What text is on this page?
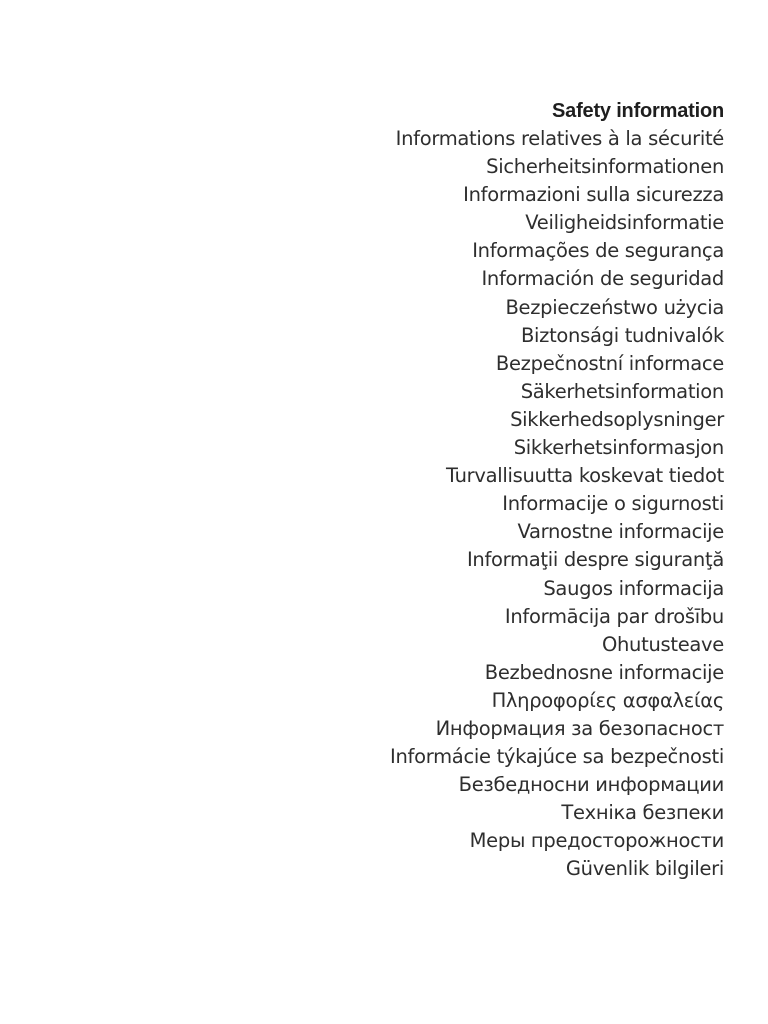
Safety information
Informations relatives à la sécurité
Sicherheitsinformationen
Informazioni sulla sicurezza
Veiligheidsinformatie
Informações de segurança
Información de seguridad
Bezpieczeństwo użycia
Biztonsági tudnivalók
Bezpečnostní informace
Säkerhetsinformation
Sikkerhedsoplysninger
Sikkerhetsinformasjon
Turvallisuutta koskevat tiedot
Informacije o sigurnosti
Varnostne informacije
Informaţii despre siguranţă
Saugos informacija
Informācija par drošību
Ohutusteave
Bezbednosne informacije
Πληροφορίες ασφαλείας
Информация за безопасност
Informácie týkajúce sa bezpečnosti
Безбедносни информации
Техніка безпеки
Меры предосторожности
Güvenlik bilgileri
